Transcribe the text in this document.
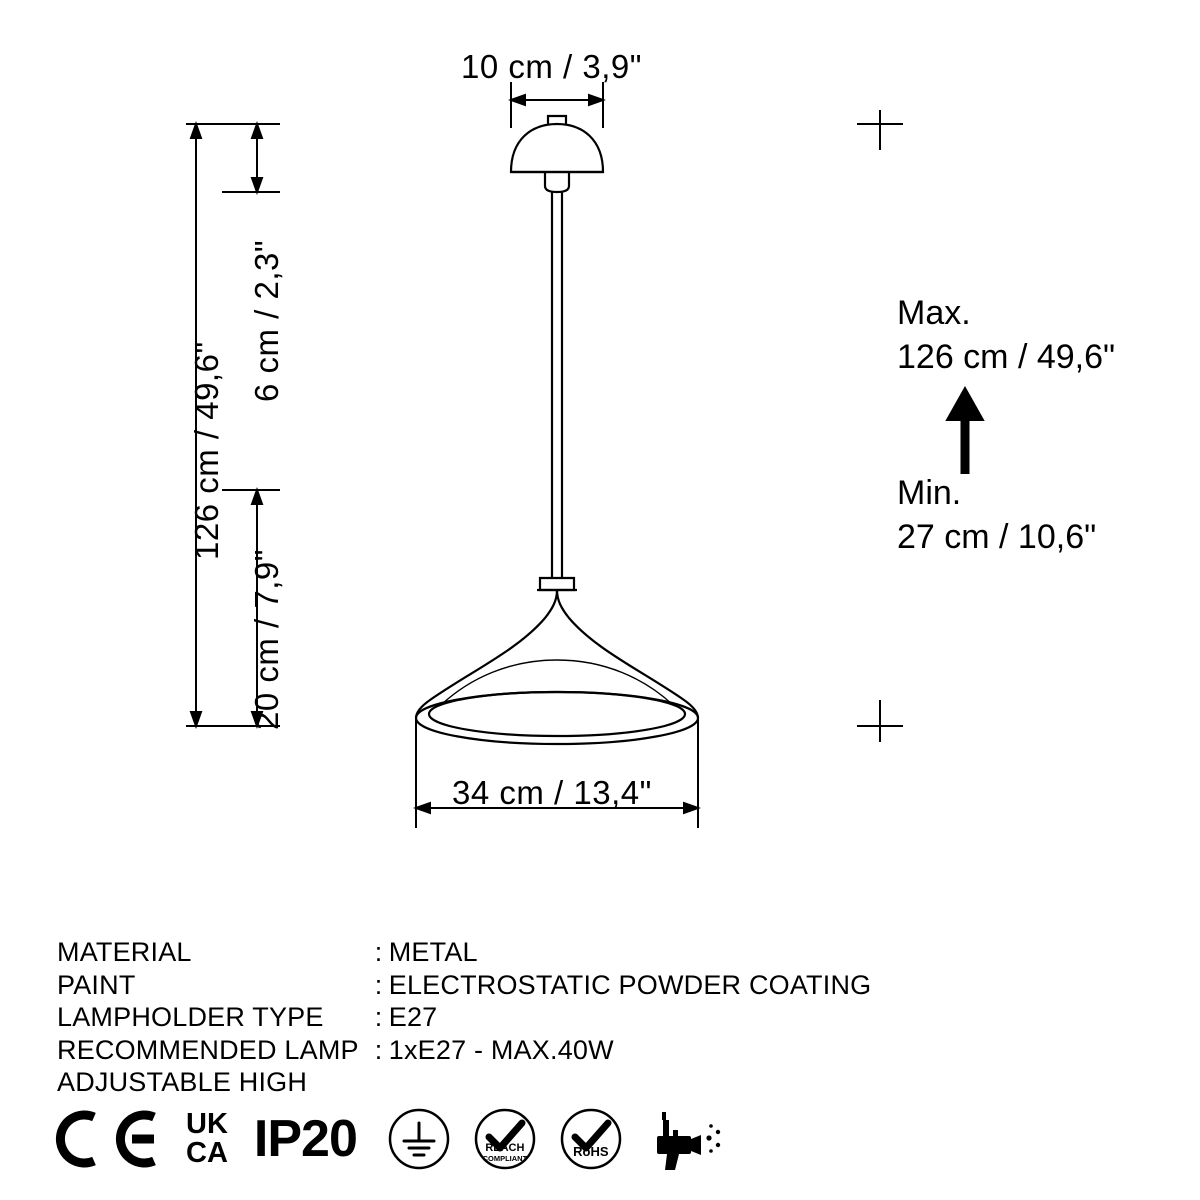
10 cm / 3,9"
126 cm / 49,6"
6 cm / 2,3"
20 cm / 7,9"
34 cm / 13,4"
Max.
126 cm / 49,6"
Min.
27 cm / 10,6"
MATERIAL	:	METAL
PAINT	:	ELECTROSTATIC POWDER COATING
LAMPHOLDER TYPE	:	E27
RECOMMENDED LAMP	:	1xE27 - MAX.40W
ADJUSTABLE HIGH		
UK
CA IP20	REACH
COMPLIANT	RoHS
